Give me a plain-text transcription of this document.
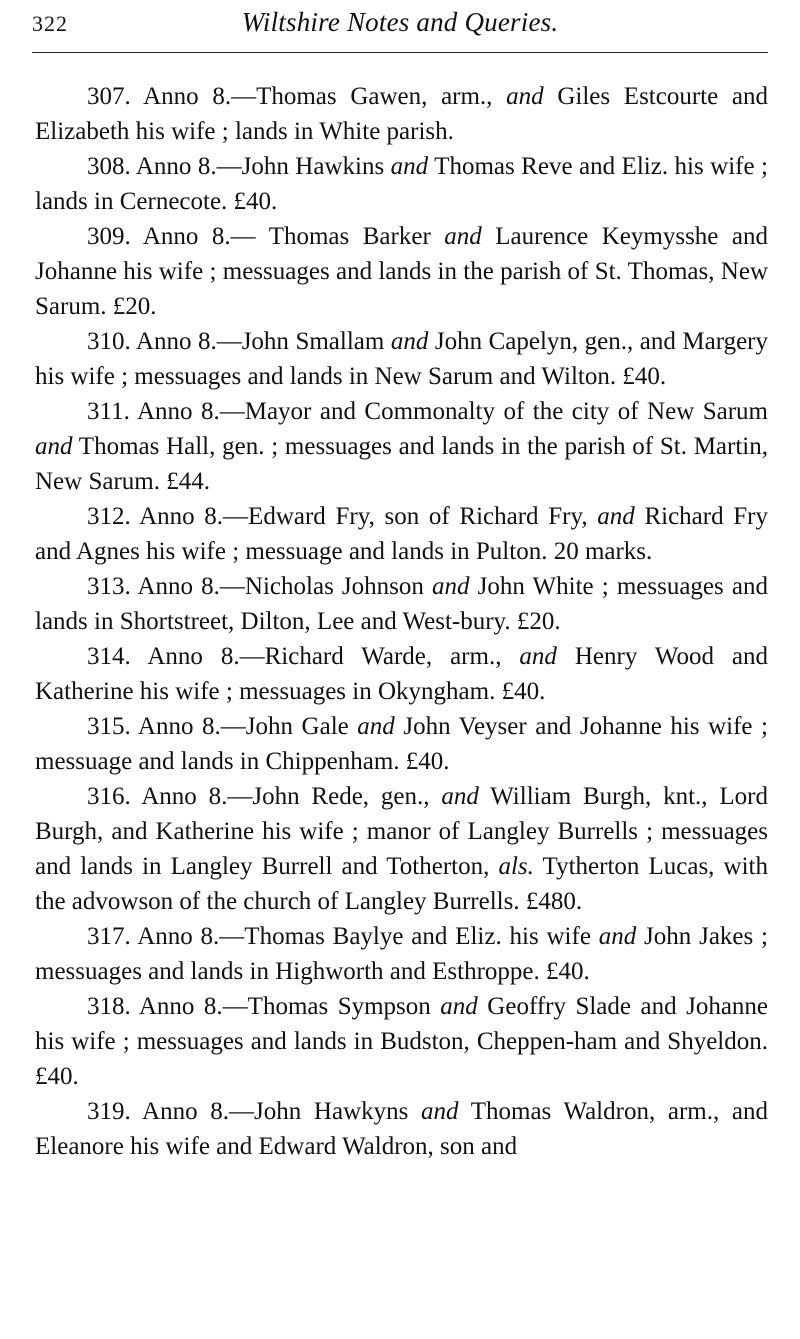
322	Wiltshire Notes and Queries.

307. Anno 8.—Thomas Gawen, arm., and Giles Estcourte and Elizabeth his wife ; lands in White parish.

308. Anno 8.—John Hawkins and Thomas Reve and Eliz. his wife ; lands in Cernecote. £40.

309. Anno 8.— Thomas Barker and Laurence Keymysshe and Johanne his wife ; messuages and lands in the parish of St. Thomas, New Sarum. £20.

310. Anno 8.—John Smallam and John Capelyn, gen., and Margery his wife ; messuages and lands in New Sarum and Wilton. £40.

311. Anno 8.—Mayor and Commonalty of the city of New Sarum and Thomas Hall, gen. ; messuages and lands in the parish of St. Martin, New Sarum. £44.

312. Anno 8.—Edward Fry, son of Richard Fry, and Richard Fry and Agnes his wife ; messuage and lands in Pulton. 20 marks.

313. Anno 8.—Nicholas Johnson and John White ; messuages and lands in Shortstreet, Dilton, Lee and West-bury. £20.

314. Anno 8.—Richard Warde, arm., and Henry Wood and Katherine his wife ; messuages in Okyngham. £40.

315. Anno 8.—John Gale and John Veyser and Johanne his wife ; messuage and lands in Chippenham. £40.

316. Anno 8.—John Rede, gen., and William Burgh, knt., Lord Burgh, and Katherine his wife ; manor of Langley Burrells ; messuages and lands in Langley Burrell and Totherton, als. Tytherton Lucas, with the advowson of the church of Langley Burrells. £480.

317. Anno 8.—Thomas Baylye and Eliz. his wife and John Jakes ; messuages and lands in Highworth and Esthroppe. £40.

318. Anno 8.—Thomas Sympson and Geoffry Slade and Johanne his wife ; messuages and lands in Budston, Cheppen-ham and Shyeldon. £40.

319. Anno 8.—John Hawkyns and Thomas Waldron, arm., and Eleanore his wife and Edward Waldron, son and
